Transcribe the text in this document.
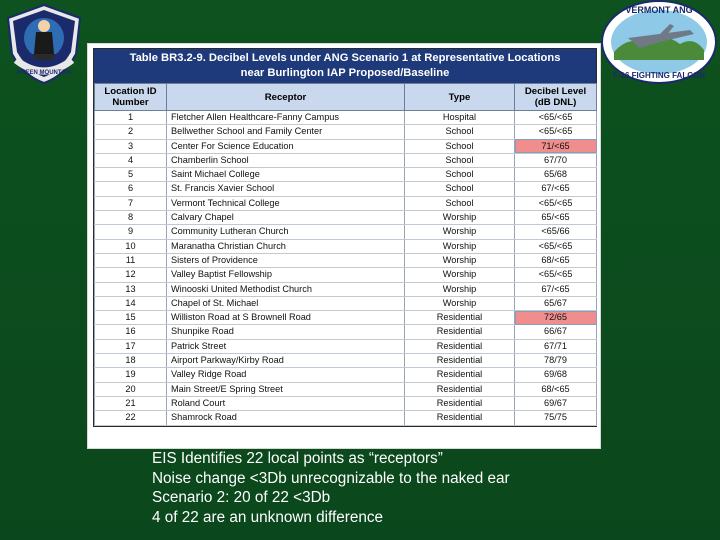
GREEN MOUNTAIN
VERMONT ANG
F-16 FIGHTING FALCON
Table BR3.2-9. Decibel Levels under ANG Scenario 1 at Representative Locations
near Burlington IAP Proposed/Baseline
Location ID Number	Receptor	Type	Decibel Level (dB DNL)
1	Fletcher Allen Healthcare-Fanny Campus	Hospital	<65/<65
2	Bellwether School and Family Center	School	<65/<65
3	Center For Science Education	School	71/<65
4	Chamberlin School	School	67/70
5	Saint Michael College	School	65/68
6	St. Francis Xavier School	School	67/<65
7	Vermont Technical College	School	<65/<65
8	Calvary Chapel	Worship	65/<65
9	Community Lutheran Church	Worship	<65/66
10	Maranatha Christian Church	Worship	<65/<65
11	Sisters of Providence	Worship	68/<65
12	Valley Baptist Fellowship	Worship	<65/<65
13	Winooski United Methodist Church	Worship	67/<65
14	Chapel of St. Michael	Worship	65/67
15	Williston Road at S Brownell Road	Residential	72/65
16	Shunpike Road	Residential	66/67
17	Patrick Street	Residential	67/71
18	Airport Parkway/Kirby Road	Residential	78/79
19	Valley Ridge Road	Residential	69/68
20	Main Street/E Spring Street	Residential	68/<65
21	Roland Court	Residential	69/67
22	Shamrock Road	Residential	75/75
EIS Identifies 22 local points as “receptors”
Noise change <3Db unrecognizable to the naked ear
Scenario 2: 20 of 22 <3Db
4 of 22 are an unknown difference
